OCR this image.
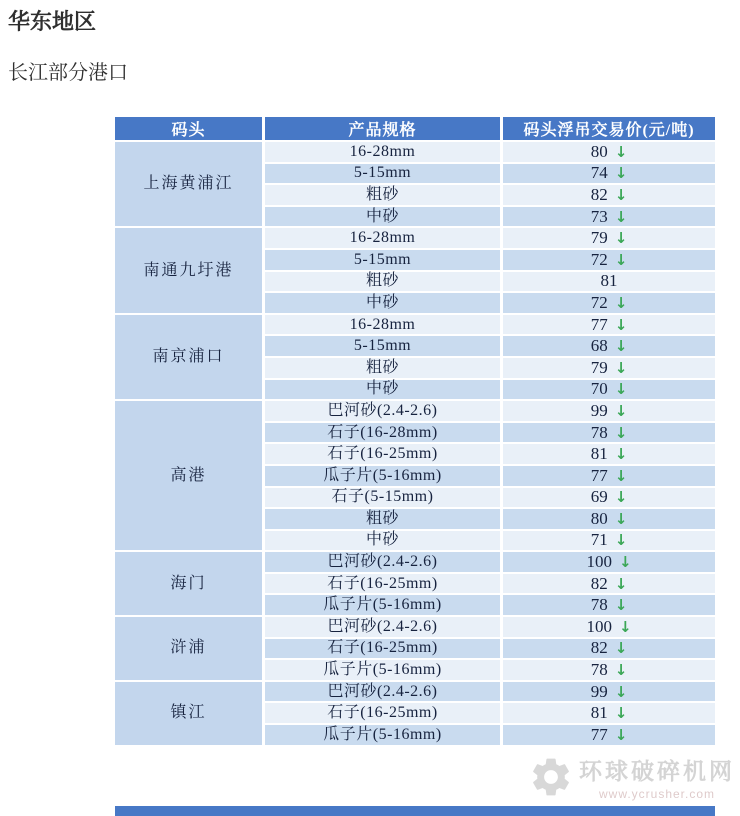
华东地区
长江部分港口
码头	产品规格	码头浮吊交易价(元/吨)
上海黄浦江	16-28mm	80 ↓
	5-15mm	74 ↓
	粗砂	82 ↓
	中砂	73 ↓
南通九圩港	16-28mm	79 ↓
	5-15mm	72 ↓
	粗砂	81
	中砂	72 ↓
南京浦口	16-28mm	77 ↓
	5-15mm	68 ↓
	粗砂	79 ↓
	中砂	70 ↓
高港	巴河砂(2.4-2.6)	99 ↓
	石子(16-28mm)	78 ↓
	石子(16-25mm)	81 ↓
	瓜子片(5-16mm)	77 ↓
	石子(5-15mm)	69 ↓
	粗砂	80 ↓
	中砂	71 ↓
海门	巴河砂(2.4-2.6)	100 ↓
	石子(16-25mm)	82 ↓
	瓜子片(5-16mm)	78 ↓
浒浦	巴河砂(2.4-2.6)	100 ↓
	石子(16-25mm)	82 ↓
	瓜子片(5-16mm)	78 ↓
镇江	巴河砂(2.4-2.6)	99 ↓
	石子(16-25mm)	81 ↓
	瓜子片(5-16mm)	77 ↓
环球破碎机网
www.ycrusher.com
